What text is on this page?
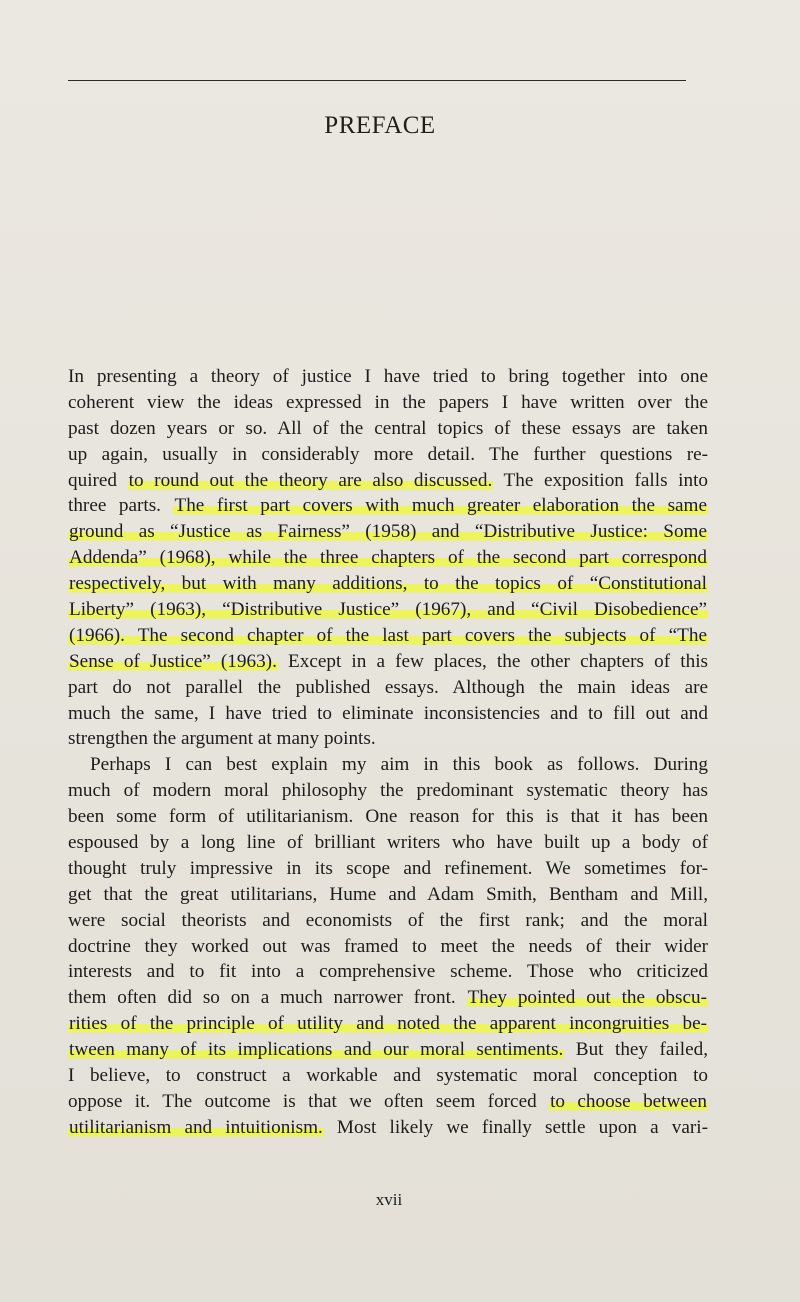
PREFACE
In presenting a theory of justice I have tried to bring together into one
coherent view the ideas expressed in the papers I have written over the
past dozen years or so. All of the central topics of these essays are taken
up again, usually in considerably more detail. The further questions re-
quired to round out the theory are also discussed. The exposition falls into
three parts. The first part covers with much greater elaboration the same
ground as “Justice as Fairness” (1958) and “Distributive Justice: Some
Addenda” (1968), while the three chapters of the second part correspond
respectively, but with many additions, to the topics of “Constitutional
Liberty” (1963), “Distributive Justice” (1967), and “Civil Disobedience”
(1966). The second chapter of the last part covers the subjects of “The
Sense of Justice” (1963). Except in a few places, the other chapters of this
part do not parallel the published essays. Although the main ideas are
much the same, I have tried to eliminate inconsistencies and to fill out and
strengthen the argument at many points.
Perhaps I can best explain my aim in this book as follows. During
much of modern moral philosophy the predominant systematic theory has
been some form of utilitarianism. One reason for this is that it has been
espoused by a long line of brilliant writers who have built up a body of
thought truly impressive in its scope and refinement. We sometimes for-
get that the great utilitarians, Hume and Adam Smith, Bentham and Mill,
were social theorists and economists of the first rank; and the moral
doctrine they worked out was framed to meet the needs of their wider
interests and to fit into a comprehensive scheme. Those who criticized
them often did so on a much narrower front. They pointed out the obscu-
rities of the principle of utility and noted the apparent incongruities be-
tween many of its implications and our moral sentiments. But they failed,
I believe, to construct a workable and systematic moral conception to
oppose it. The outcome is that we often seem forced to choose between
utilitarianism and intuitionism. Most likely we finally settle upon a vari-
xvii
